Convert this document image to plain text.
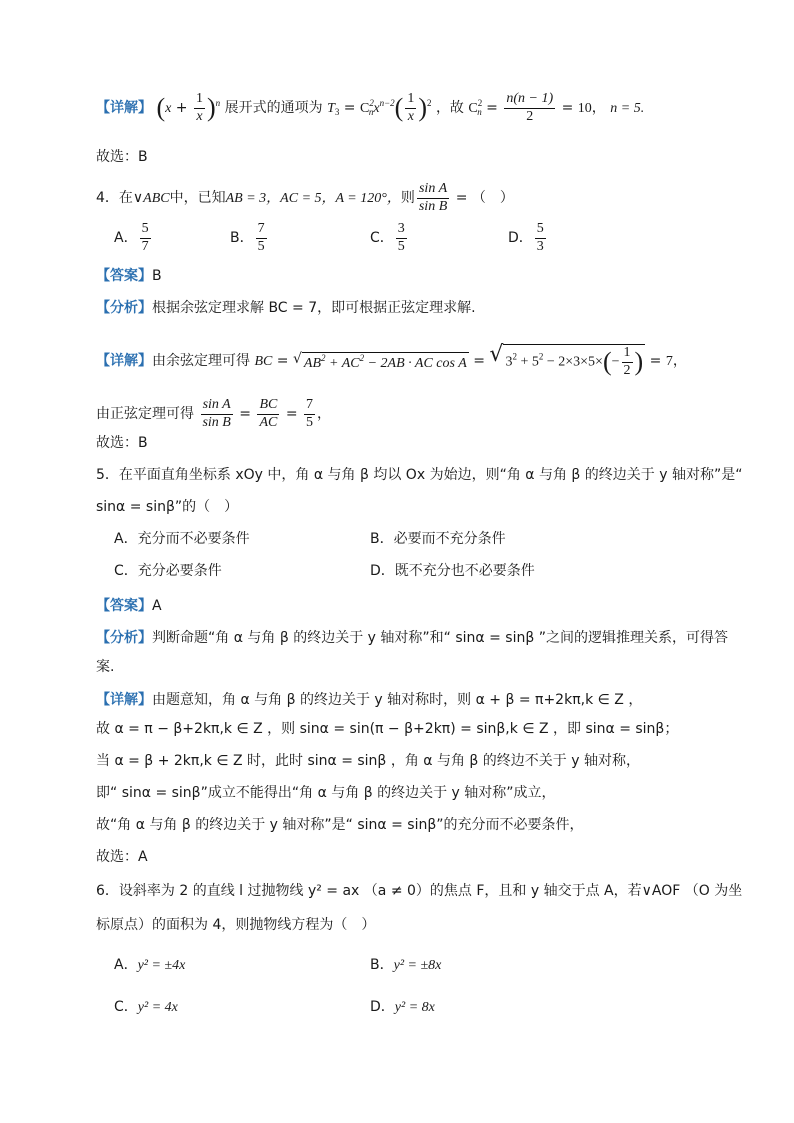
【详解】 $(x + \frac{1}{x} )^n$ 展开式的通项为 $T_3 = C^2_nx^{n-2}( \frac{1}{x} )^2$ ，故 $C^2_n = \frac{n(n - 1)}{2} = 10$， n = 5.
故选：B
4．在∨ABC中，已知AB = 3，AC = 5，A = 120°，则 $\frac{\text{sin A}}{\text{sin B}}$ = （　）
A． $\frac{5}{7}$	B． $\frac{7}{5}$	C． $\frac{3}{5}$	D． $\frac{5}{3}$
【答案】B
【分析】根据余弦定理求解 BC = 7，即可根据正弦定理求解.
【详解】由余弦定理可得 BC = √ $AB^2 + AC^2 - 2AB$ · AC cos A = √ $3^2 + 5^2 - 2\times 3\times 5\times(- \frac{1}{2}$ ) = 7，
由正弦定理可得 $\frac{\text{sin A}}{\text{sin B}} = \frac{BC}{AC} = \frac{7}{5}$ ，
故选：B
5．在平面直角坐标系 xOy 中，角 α 与角 β 均以 Ox 为始边，则“角 α 与角 β 的终边关于 y 轴对称”是“
sinα = sinβ”的（　）
A．充分而不必要条件	B．必要而不充分条件
C．充分必要条件	D．既不充分也不必要条件
【答案】A
【分析】判断命题“角 α 与角 β 的终边关于 y 轴对称”和“ sinα = sinβ ”之间的逻辑推理关系，可得答
案.
【详解】由题意知，角 α 与角 β 的终边关于 y 轴对称时，则 α + β = π+2kπ,k ∈ Z ，
故 α = π − β+2kπ,k ∈ Z ，则 sinα = sin(π − β+2kπ) = sinβ,k ∈ Z ，即 sinα = sinβ；
当 α = β + 2kπ,k ∈ Z 时，此时 sinα = sinβ ，角 α 与角 β 的终边不关于 y 轴对称，
即“ sinα = sinβ”成立不能得出“角 α 与角 β 的终边关于 y 轴对称”成立，
故“角 α 与角 β 的终边关于 y 轴对称”是“ sinα = sinβ”的充分而不必要条件，
故选：A
6．设斜率为 2 的直线 l 过抛物线 y² = ax （a ≠ 0）的焦点 F，且和 y 轴交于点 A，若∨AOF （O 为坐
标原点）的面积为 4，则抛物线方程为（　）
A．y² = ±4x	B．y² = ±8x
C．y² = 4x	D．y² = 8x
